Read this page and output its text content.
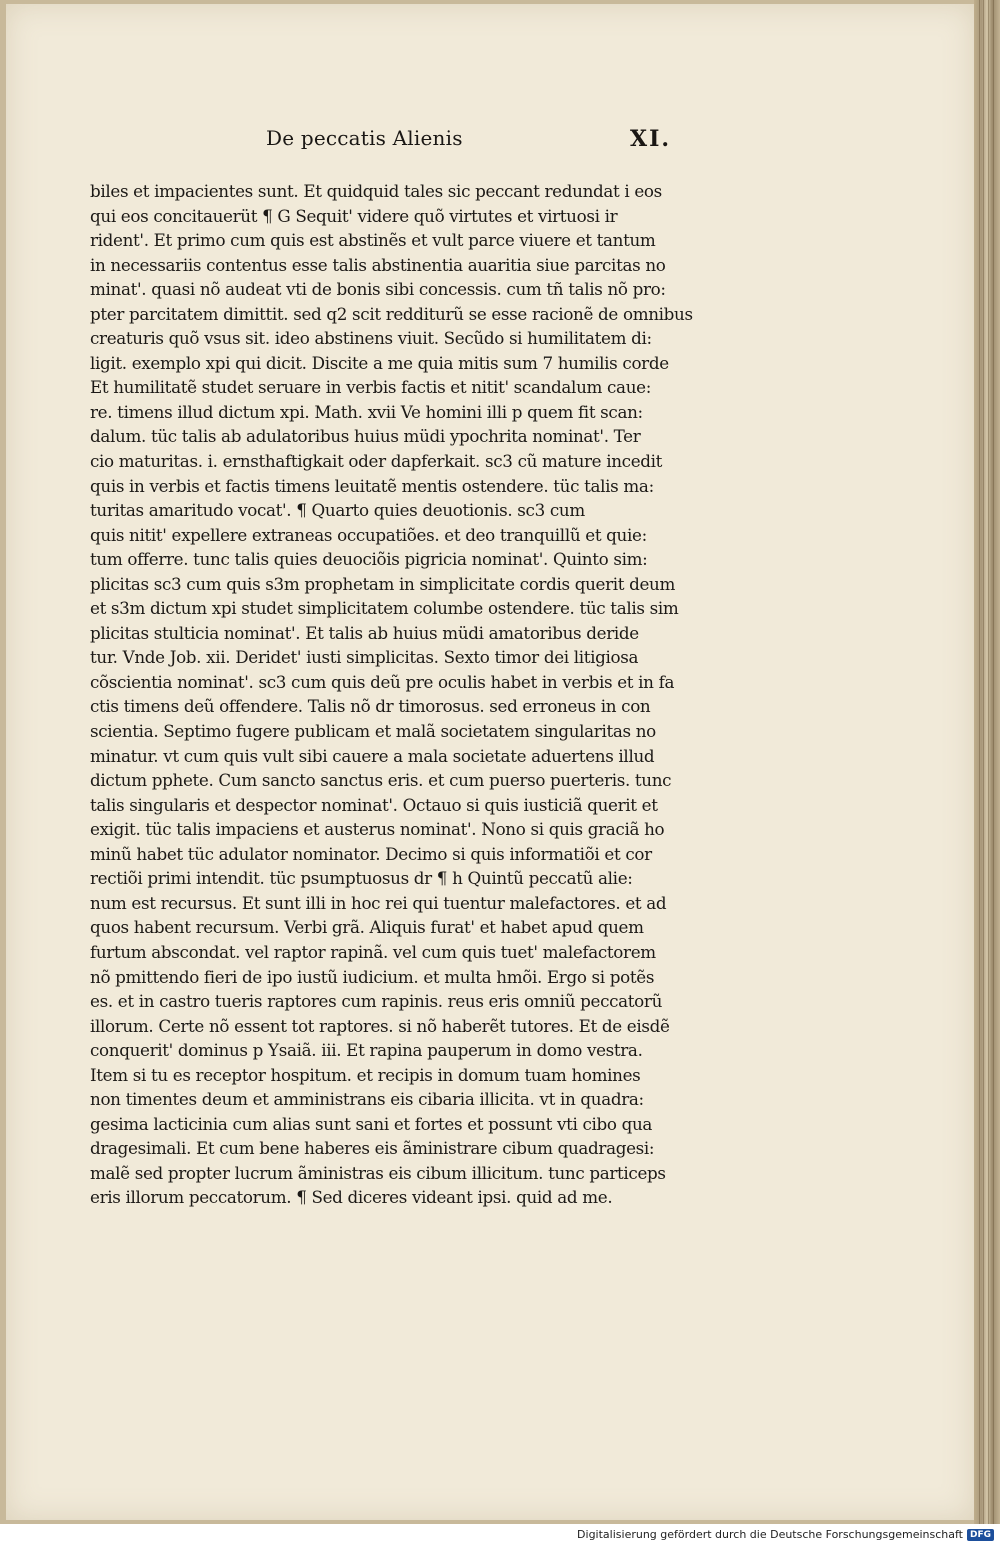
De peccatis Alienis	XI.
biles et impacientes sunt. Et quidquid tales sic peccant redundat i eos
qui eos concitauerüt ¶ G Sequit' videre quõ virtutes et virtuosi ir
rident'. Et primo cum quis est abstinẽs et vult parce viuere et tantum
in necessariis contentus esse talis abstinentia auaritia siue parcitas no
minat'. quasi nõ audeat vti de bonis sibi concessis. cum tñ talis nõ pro:
pter parcitatem dimittit. sed q2 scit redditurũ se esse racionẽ de omnibus
creaturis quõ vsus sit. ideo abstinens viuit. Secũdo si humilitatem di:
ligit. exemplo xpi qui dicit. Discite a me quia mitis sum 7 humilis corde
Et humilitatẽ studet seruare in verbis factis et nitit' scandalum caue:
re. timens illud dictum xpi. Math. xvii Ve homini illi p quem fit scan:
dalum. tüc talis ab adulatoribus huius müdi ypochrita nominat'. Ter
cio maturitas. i. ernsthaftigkait oder dapferkait. sc3 cũ mature incedit
quis in verbis et factis timens leuitatẽ mentis ostendere. tüc talis ma:
turitas amaritudo vocat'. ¶ Quarto quies deuotionis. sc3 cum
quis nitit' expellere extraneas occupatiões. et deo tranquillũ et quie:
tum offerre. tunc talis quies deuociõis pigricia nominat'. Quinto sim:
plicitas sc3 cum quis s3m prophetam in simplicitate cordis querit deum
et s3m dictum xpi studet simplicitatem columbe ostendere. tüc talis sim
plicitas stulticia nominat'. Et talis ab huius müdi amatoribus deride
tur. Vnde Job. xii. Deridet' iusti simplicitas. Sexto timor dei litigiosa
cõscientia nominat'. sc3 cum quis deũ pre oculis habet in verbis et in fa
ctis timens deũ offendere. Talis nõ dr timorosus. sed erroneus in con
scientia. Septimo fugere publicam et malã societatem singularitas no
minatur. vt cum quis vult sibi cauere a mala societate aduertens illud
dictum pphete. Cum sancto sanctus eris. et cum puerso puerteris. tunc
talis singularis et despector nominat'. Octauo si quis iusticiã querit et
exigit. tüc talis impaciens et austerus nominat'. Nono si quis graciã ho
minũ habet tüc adulator nominator. Decimo si quis informatiõi et cor
rectiõi primi intendit. tüc psumptuosus dr ¶ h Quintũ peccatũ alie:
num est recursus. Et sunt illi in hoc rei qui tuentur malefactores. et ad
quos habent recursum. Verbi grã. Aliquis furat' et habet apud quem
furtum abscondat. vel raptor rapinã. vel cum quis tuet' malefactorem
nõ pmittendo fieri de ipo iustũ iudicium. et multa hmõi. Ergo si potẽs
es. et in castro tueris raptores cum rapinis. reus eris omniũ peccatorũ
illorum. Certe nõ essent tot raptores. si nõ haberẽt tutores. Et de eisdẽ
conquerit' dominus p Ysaiã. iii. Et rapina pauperum in domo vestra.
Item si tu es receptor hospitum. et recipis in domum tuam homines
non timentes deum et amministrans eis cibaria illicita. vt in quadra:
gesima lacticinia cum alias sunt sani et fortes et possunt vti cibo qua
dragesimali. Et cum bene haberes eis ãministrare cibum quadragesi:
malẽ sed propter lucrum ãministras eis cibum illicitum. tunc particeps
eris illorum peccatorum. ¶ Sed diceres videant ipsi. quid ad me.
Digitalisierung gefördert durch die Deutsche Forschungsgemeinschaft DFG
